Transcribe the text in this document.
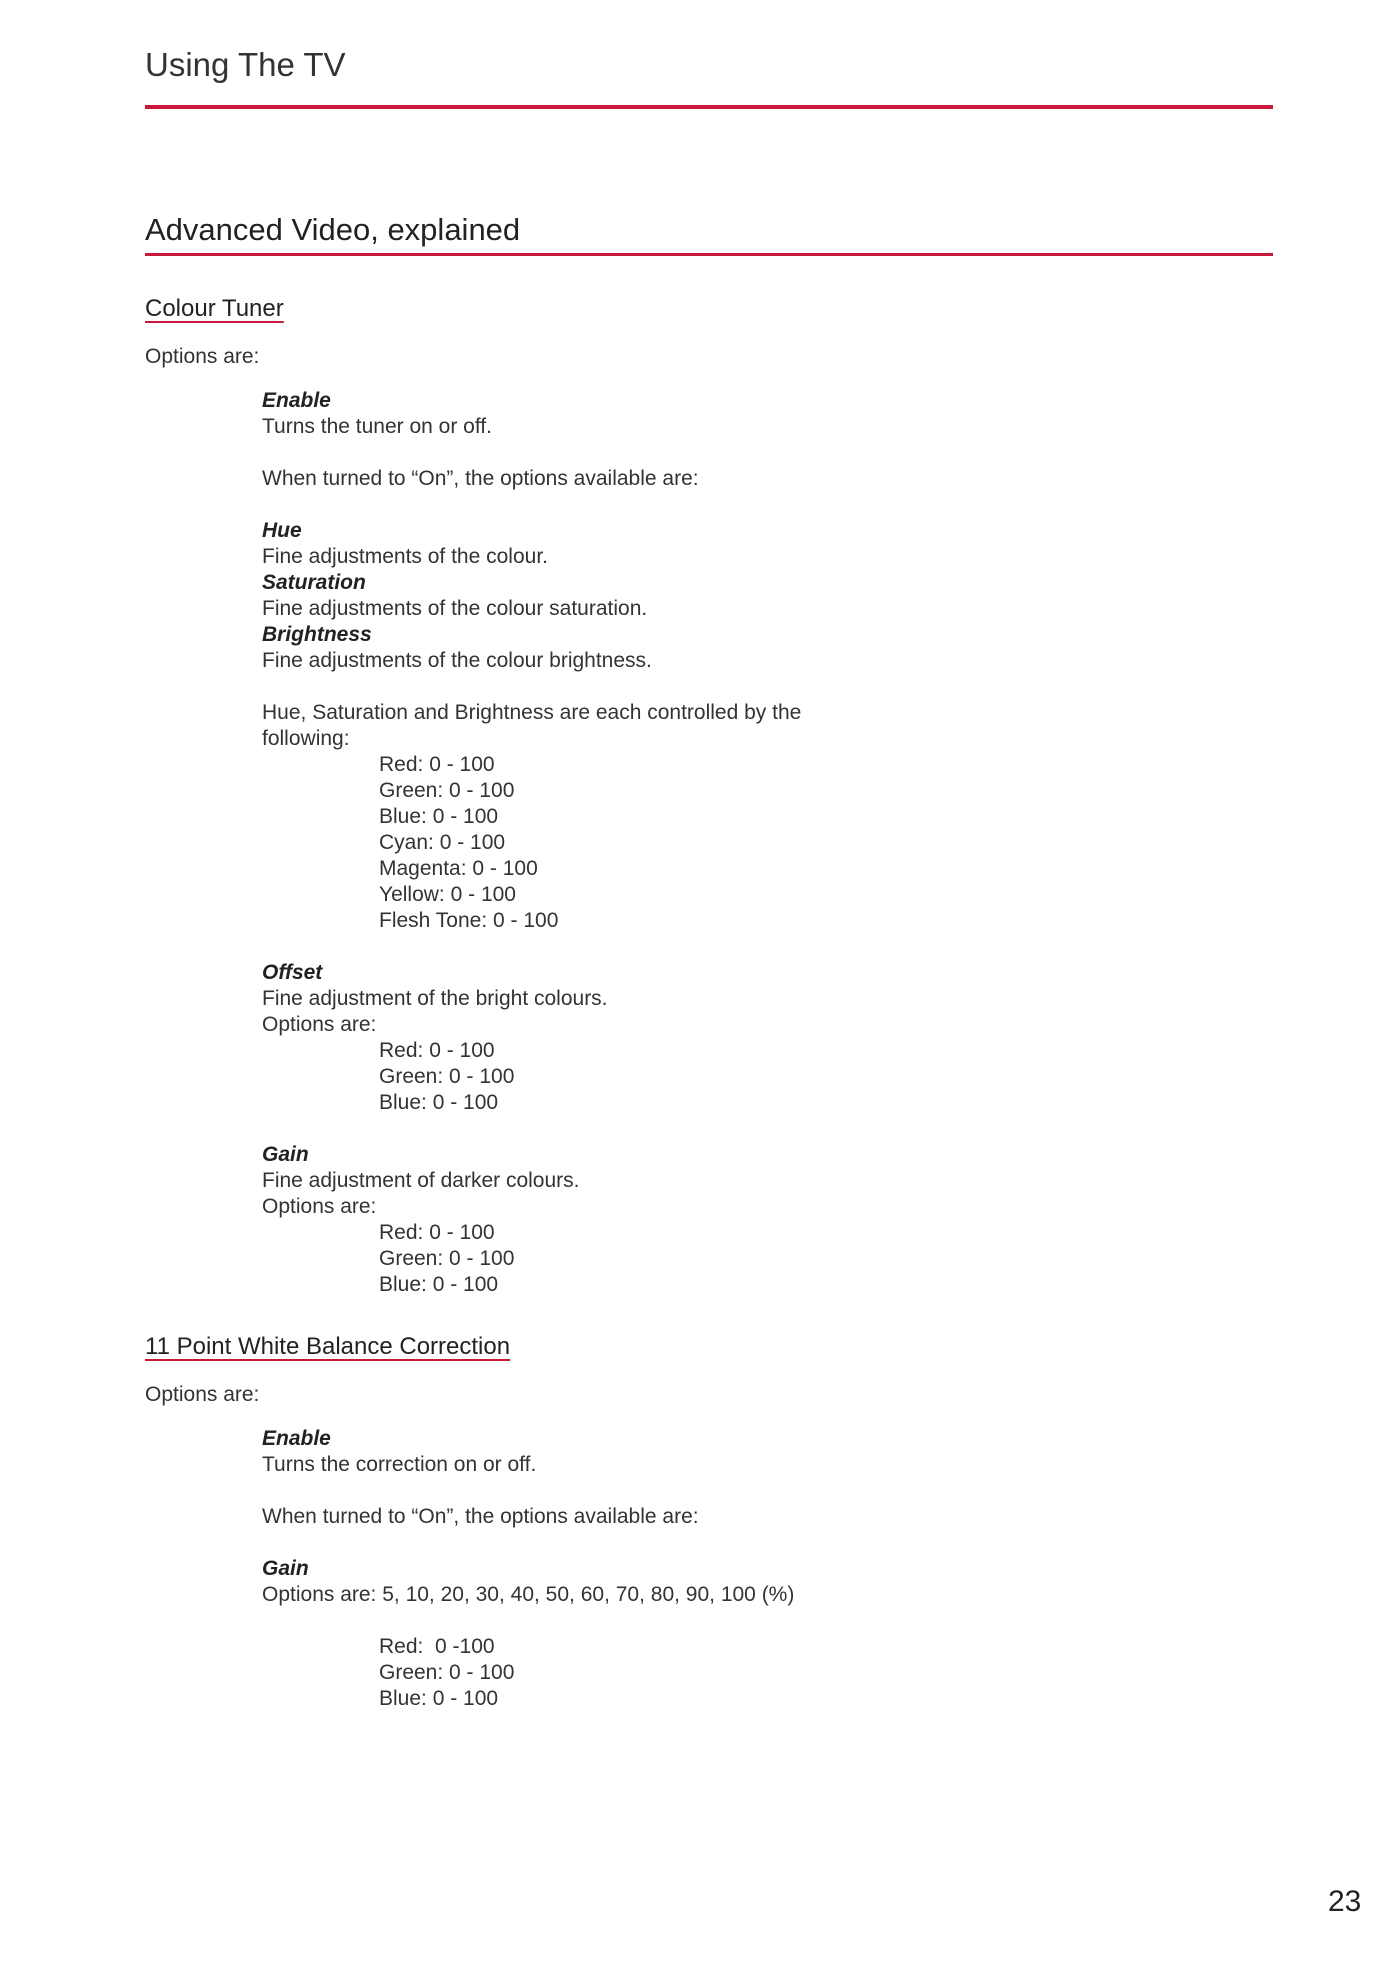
Using The TV
Advanced Video, explained
Colour Tuner
Options are:
Enable
Turns the tuner on or off.
When turned to “On”, the options available are:
Hue
Fine adjustments of the colour.
Saturation
Fine adjustments of the colour saturation.
Brightness
Fine adjustments of the colour brightness.
Hue, Saturation and Brightness are each controlled by the
following:
Red: 0 - 100
Green: 0 - 100
Blue: 0 - 100
Cyan: 0 - 100
Magenta: 0 - 100
Yellow: 0 - 100
Flesh Tone: 0 - 100
Offset
Fine adjustment of the bright colours.
Options are:
Red: 0 - 100
Green: 0 - 100
Blue: 0 - 100
Gain
Fine adjustment of darker colours.
Options are:
Red: 0 - 100
Green: 0 - 100
Blue: 0 - 100
11 Point White Balance Correction
Options are:
Enable
Turns the correction on or off.
When turned to “On”, the options available are:
Gain
Options are: 5, 10, 20, 30, 40, 50, 60, 70, 80, 90, 100 (%)
Red:  0 -100
Green: 0 - 100
Blue: 0 - 100
23
